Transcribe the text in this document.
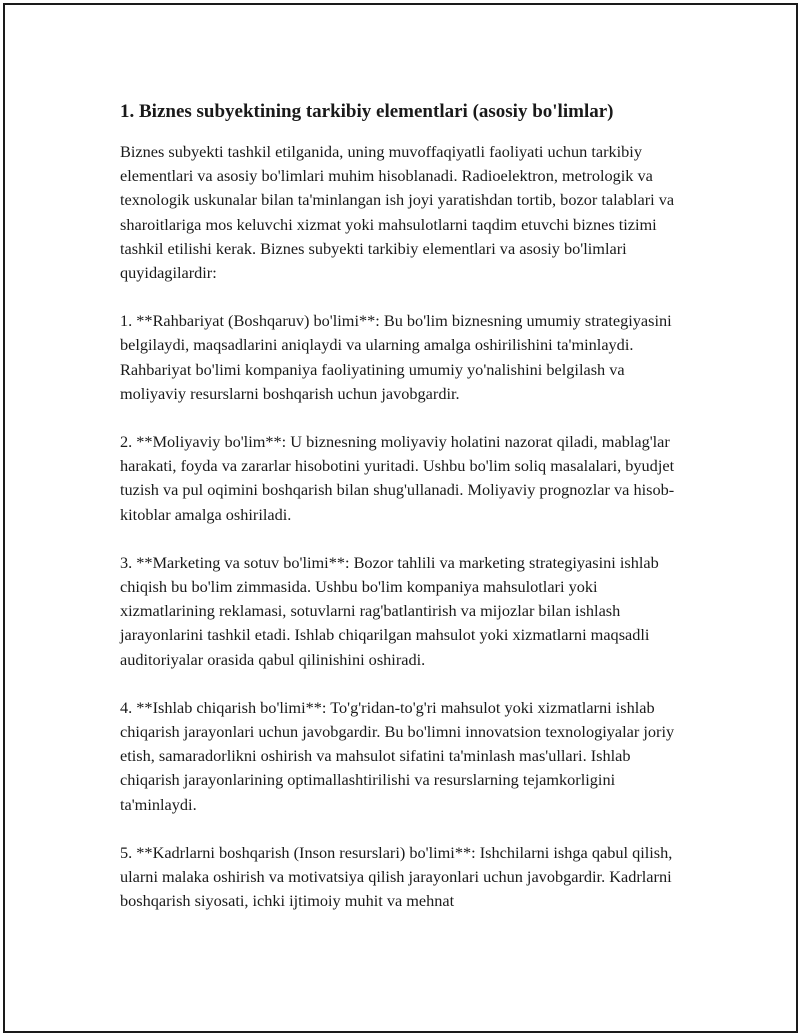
1. Biznes subyektining tarkibiy elementlari (asosiy bo'limlar)

Biznes subyekti tashkil etilganida, uning muvoffaqiyatli faoliyati uchun tarkibiy elementlari va asosiy bo'limlari muhim hisoblanadi. Radioelektron, metrologik va texnologik uskunalar bilan ta'minlangan ish joyi yaratishdan tortib, bozor talablari va sharoitlariga mos keluvchi xizmat yoki mahsulotlarni taqdim etuvchi biznes tizimi tashkil etilishi kerak. Biznes subyekti tarkibiy elementlari va asosiy bo'limlari quyidagilardir:

1. **Rahbariyat (Boshqaruv) bo'limi**: Bu bo'lim biznesning umumiy strategiyasini belgilaydi, maqsadlarini aniqlaydi va ularning amalga oshirilishini ta'minlaydi. Rahbariyat bo'limi kompaniya faoliyatining umumiy yo'nalishini belgilash va moliyaviy resurslarni boshqarish uchun javobgardir.

2. **Moliyaviy bo'lim**: U biznesning moliyaviy holatini nazorat qiladi, mablag'lar harakati, foyda va zararlar hisobotini yuritadi. Ushbu bo'lim soliq masalalari, byudjet tuzish va pul oqimini boshqarish bilan shug'ullanadi. Moliyaviy prognozlar va hisob-kitoblar amalga oshiriladi.

3. **Marketing va sotuv bo'limi**: Bozor tahlili va marketing strategiyasini ishlab chiqish bu bo'lim zimmasida. Ushbu bo'lim kompaniya mahsulotlari yoki xizmatlarining reklamasi, sotuvlarni rag'batlantirish va mijozlar bilan ishlash jarayonlarini tashkil etadi. Ishlab chiqarilgan mahsulot yoki xizmatlarni maqsadli auditoriyalar orasida qabul qilinishini oshiradi.

4. **Ishlab chiqarish bo'limi**: To'g'ridan-to'g'ri mahsulot yoki xizmatlarni ishlab chiqarish jarayonlari uchun javobgardir. Bu bo'limni innovatsion texnologiyalar joriy etish, samaradorlikni oshirish va mahsulot sifatini ta'minlash mas'ullari. Ishlab chiqarish jarayonlarining optimallashtirilishi va resurslarning tejamkorligini ta'minlaydi.

5. **Kadrlarni boshqarish (Inson resurslari) bo'limi**: Ishchilarni ishga qabul qilish, ularni malaka oshirish va motivatsiya qilish jarayonlari uchun javobgardir. Kadrlarni boshqarish siyosati, ichki ijtimoiy muhit va mehnat
